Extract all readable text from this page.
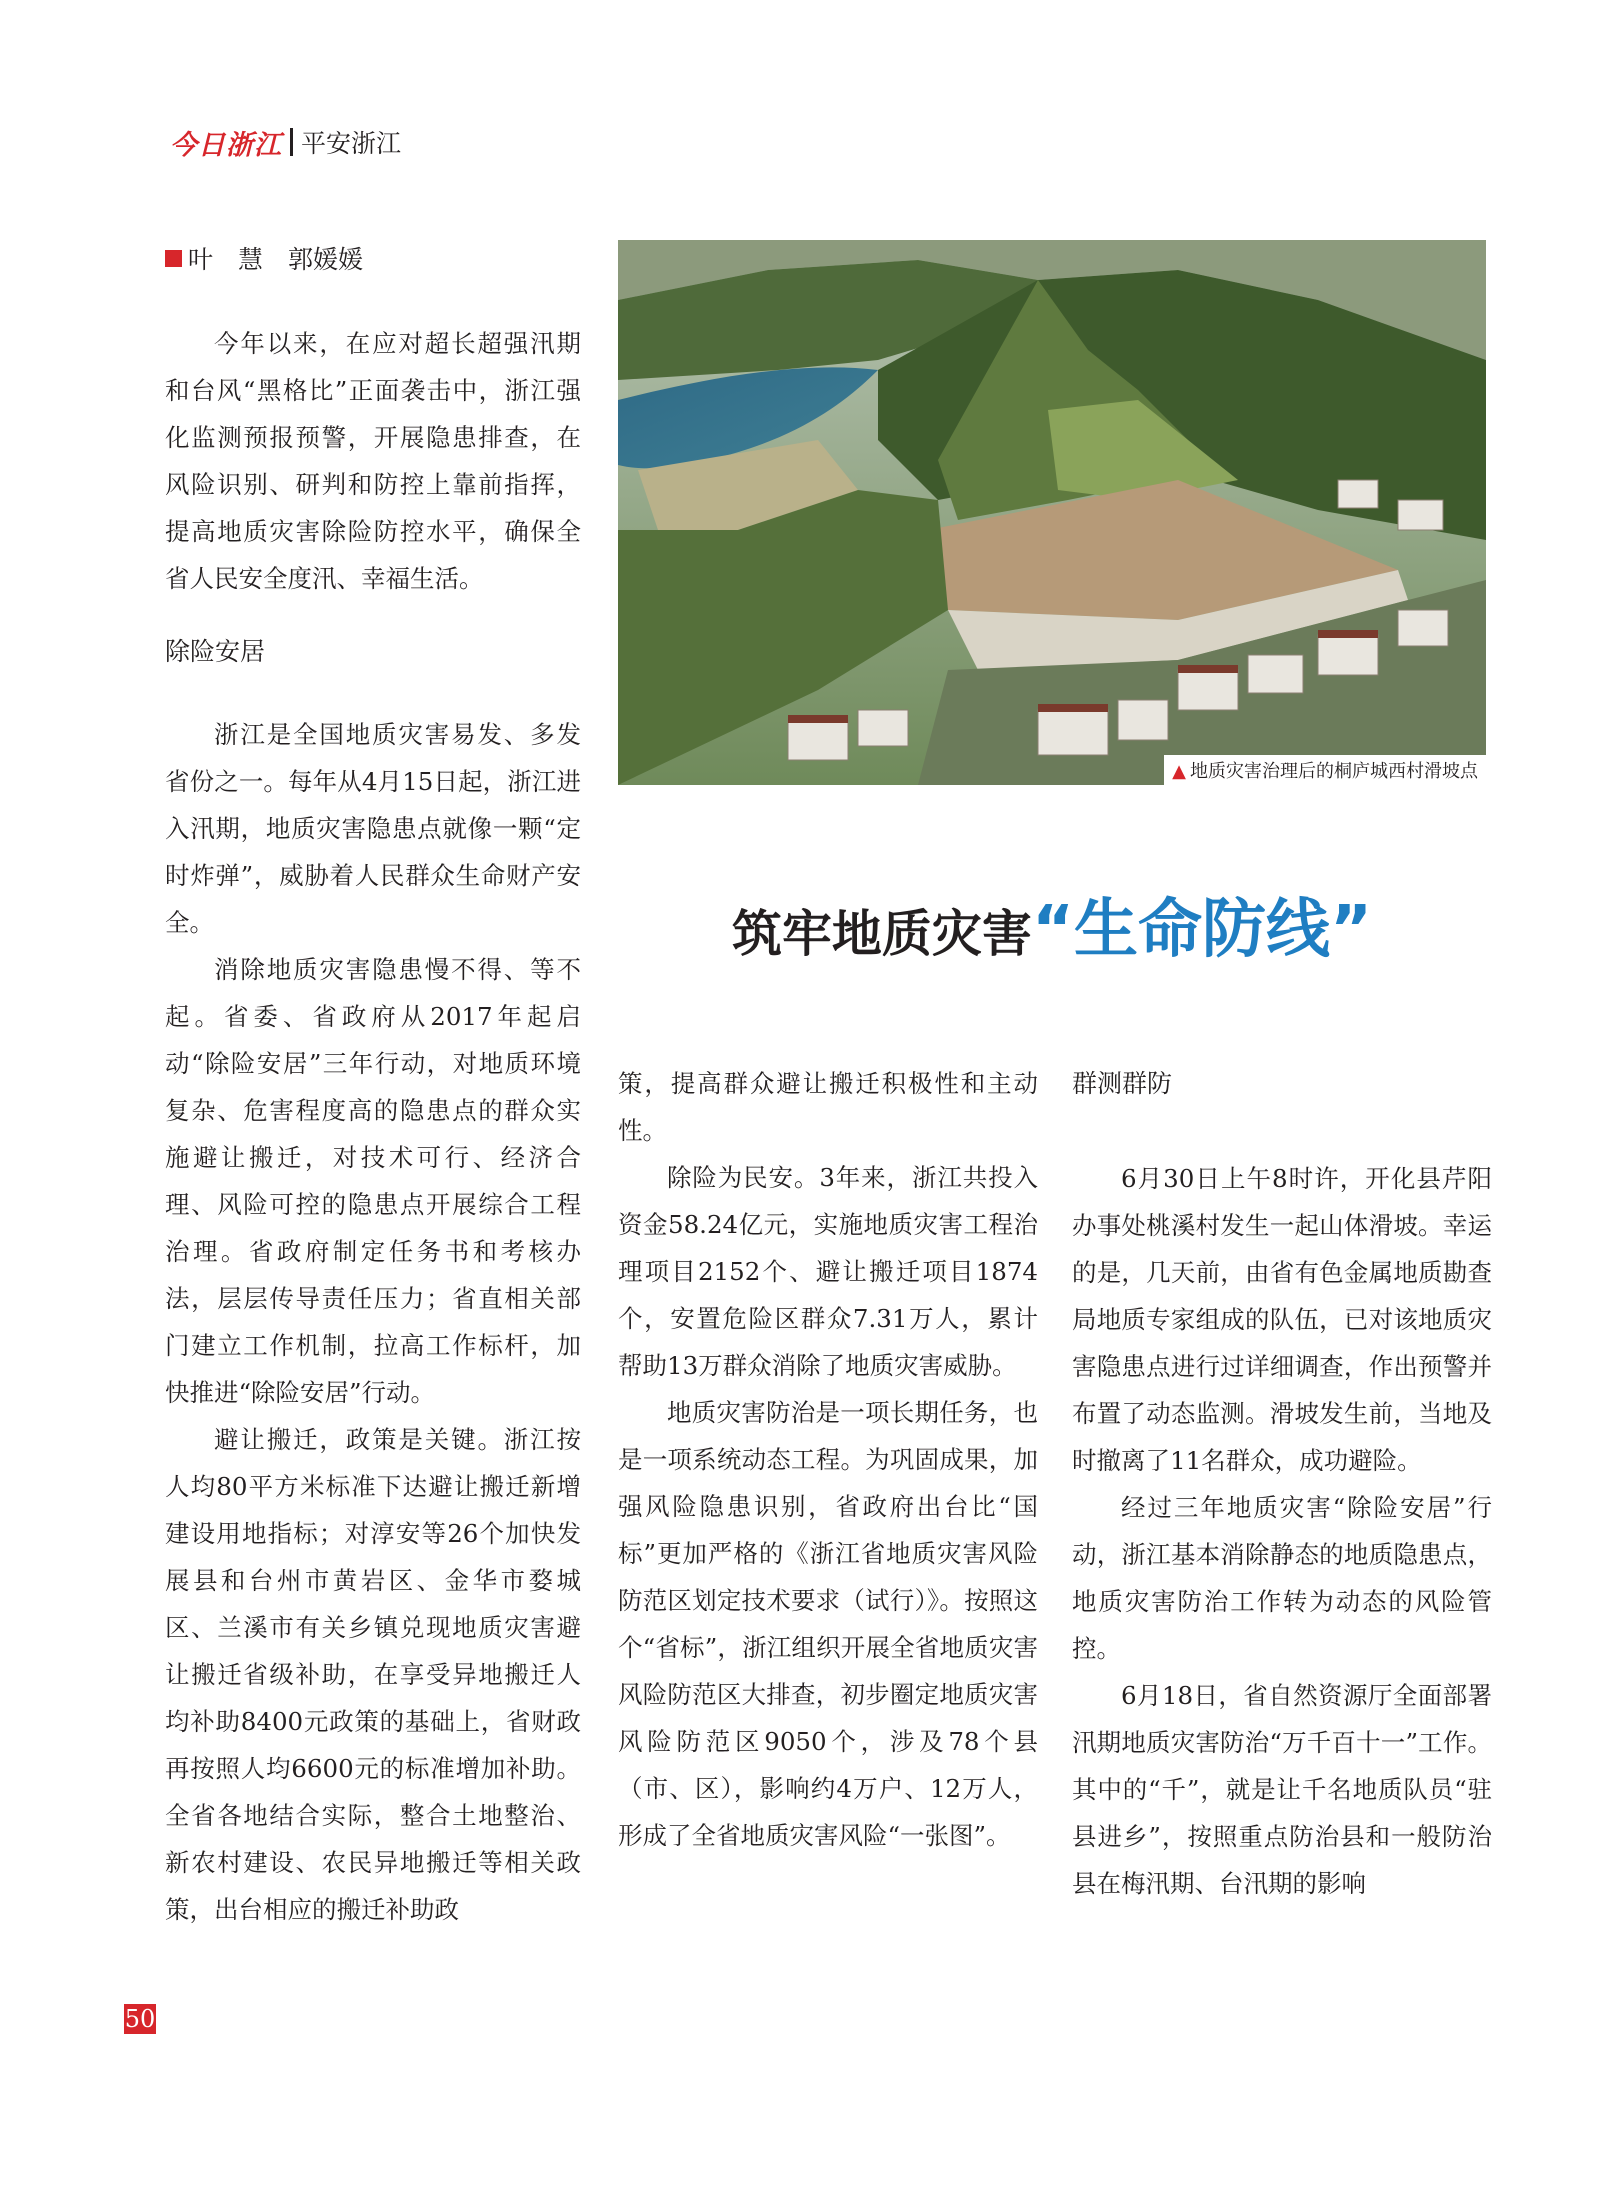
今日浙江 平安浙江
叶　慧　郭媛媛

今年以来，在应对超长超强汛期和台风“黑格比”正面袭击中，浙江强化监测预报预警，开展隐患排查，在风险识别、研判和防控上靠前指挥，提高地质灾害除险防控水平，确保全省人民安全度汛、幸福生活。

除险安居

浙江是全国地质灾害易发、多发省份之一。每年从4月15日起，浙江进入汛期，地质灾害隐患点就像一颗“定时炸弹”，威胁着人民群众生命财产安全。

消除地质灾害隐患慢不得、等不起。省委、省政府从2017年起启动“除险安居”三年行动，对地质环境复杂、危害程度高的隐患点的群众实施避让搬迁，对技术可行、经济合理、风险可控的隐患点开展综合工程治理。省政府制定任务书和考核办法，层层传导责任压力；省直相关部门建立工作机制，拉高工作标杆，加快推进“除险安居”行动。

避让搬迁，政策是关键。浙江按人均80平方米标准下达避让搬迁新增建设用地指标；对淳安等26个加快发展县和台州市黄岩区、金华市婺城区、兰溪市有关乡镇兑现地质灾害避让搬迁省级补助，在享受异地搬迁人均补助8400元政策的基础上，省财政再按照人均6600元的标准增加补助。全省各地结合实际，整合土地整治、新农村建设、农民异地搬迁等相关政策，出台相应的搬迁补助政

▲ 地质灾害治理后的桐庐城西村滑坡点
筑牢地质灾害“生命防线”

策，提高群众避让搬迁积极性和主动性。

除险为民安。3年来，浙江共投入资金58.24亿元，实施地质灾害工程治理项目2152个、避让搬迁项目1874个，安置危险区群众7.31万人，累计帮助13万群众消除了地质灾害威胁。

地质灾害防治是一项长期任务，也是一项系统动态工程。为巩固成果，加强风险隐患识别，省政府出台比“国标”更加严格的《浙江省地质灾害风险防范区划定技术要求（试行）》。按照这个“省标”，浙江组织开展全省地质灾害风险防范区大排查，初步圈定地质灾害风险防范区9050个，涉及78个县（市、区），影响约4万户、12万人，形成了全省地质灾害风险“一张图”。

群测群防

6月30日上午8时许，开化县芹阳办事处桃溪村发生一起山体滑坡。幸运的是，几天前，由省有色金属地质勘查局地质专家组成的队伍，已对该地质灾害隐患点进行过详细调查，作出预警并布置了动态监测。滑坡发生前，当地及时撤离了11名群众，成功避险。

经过三年地质灾害“除险安居”行动，浙江基本消除静态的地质隐患点，地质灾害防治工作转为动态的风险管控。

6月18日，省自然资源厅全面部署汛期地质灾害防治“万千百十一”工作。其中的“千”，就是让千名地质队员“驻县进乡”，按照重点防治县和一般防治县在梅汛期、台汛期的影响

50
